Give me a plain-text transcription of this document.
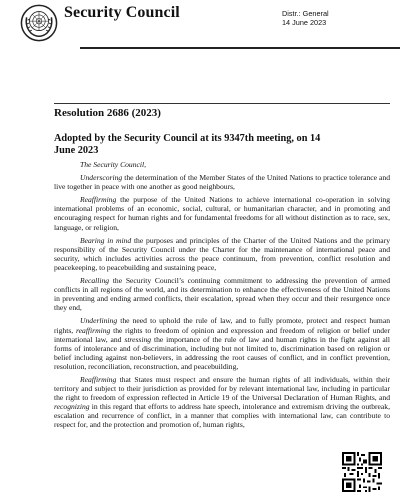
Security Council	Distr.: General
14 June 2023
Resolution 2686 (2023)
Adopted by the Security Council at its 9347th meeting, on 14 June 2023

The Security Council,

Underscoring the determination of the Member States of the United Nations to practice tolerance and live together in peace with one another as good neighbours,

Reaffirming the purpose of the United Nations to achieve international co-operation in solving international problems of an economic, social, cultural, or humanitarian character, and in promoting and encouraging respect for human rights and for fundamental freedoms for all without distinction as to race, sex, language, or religion,

Bearing in mind the purposes and principles of the Charter of the United Nations and the primary responsibility of the Security Council under the Charter for the maintenance of international peace and security, which includes activities across the peace continuum, from prevention, conflict resolution and peacekeeping, to peacebuilding and sustaining peace,

Recalling the Security Council’s continuing commitment to addressing the prevention of armed conflicts in all regions of the world, and its determination to enhance the effectiveness of the United Nations in preventing and ending armed conflicts, their escalation, spread when they occur and their resurgence once they end,

Underlining the need to uphold the rule of law, and to fully promote, protect and respect human rights, reaffirming the rights to freedom of opinion and expression and freedom of religion or belief under international law, and stressing the importance of the rule of law and human rights in the fight against all forms of intolerance and of discrimination, including but not limited to, discrimination based on religion or belief including against non-believers, in addressing the root causes of conflict, and in conflict prevention, resolution, reconciliation, reconstruction, and peacebuilding,

Reaffirming that States must respect and ensure the human rights of all individuals, within their territory and subject to their jurisdiction as provided for by relevant international law, including in particular the right to freedom of expression reflected in Article 19 of the Universal Declaration of Human Rights, and recognizing in this regard that efforts to address hate speech, intolerance and extremism driving the outbreak, escalation and recurrence of conflict, in a manner that complies with international law, can contribute to respect for, and the protection and promotion of, human rights,
